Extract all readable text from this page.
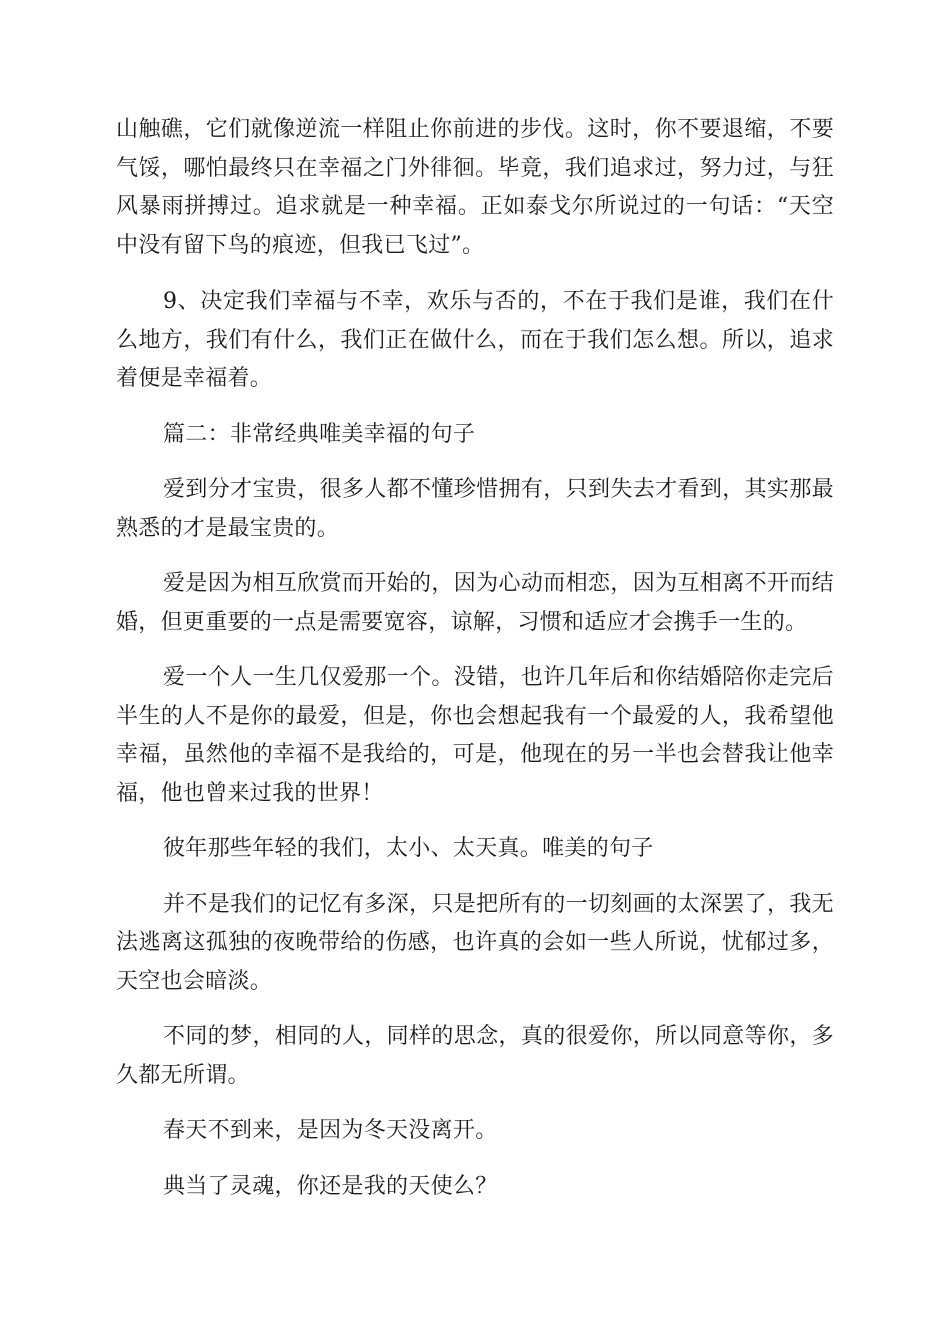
山触礁，它们就像逆流一样阻止你前进的步伐。这时，你不要退缩，不要气馁，哪怕最终只在幸福之门外徘徊。毕竟，我们追求过，努力过，与狂风暴雨拼搏过。追求就是一种幸福。正如泰戈尔所说过的一句话：“天空中没有留下鸟的痕迹，但我已飞过”。

9、决定我们幸福与不幸，欢乐与否的，不在于我们是谁，我们在什么地方，我们有什么，我们正在做什么，而在于我们怎么想。所以，追求着便是幸福着。

篇二：非常经典唯美幸福的句子

爱到分才宝贵，很多人都不懂珍惜拥有，只到失去才看到，其实那最熟悉的才是最宝贵的。

爱是因为相互欣赏而开始的，因为心动而相恋，因为互相离不开而结婚，但更重要的一点是需要宽容，谅解，习惯和适应才会携手一生的。

爱一个人一生几仅爱那一个。没错，也许几年后和你结婚陪你走完后半生的人不是你的最爱，但是，你也会想起我有一个最爱的人，我希望他幸福，虽然他的幸福不是我给的，可是，他现在的另一半也会替我让他幸福，他也曾来过我的世界！

彼年那些年轻的我们，太小、太天真。唯美的句子

并不是我们的记忆有多深，只是把所有的一切刻画的太深罢了，我无法逃离这孤独的夜晚带给的伤感，也许真的会如一些人所说，忧郁过多，天空也会暗淡。

不同的梦，相同的人，同样的思念，真的很爱你，所以同意等你，多久都无所谓。

春天不到来，是因为冬天没离开。

典当了灵魂，你还是我的天使么？
